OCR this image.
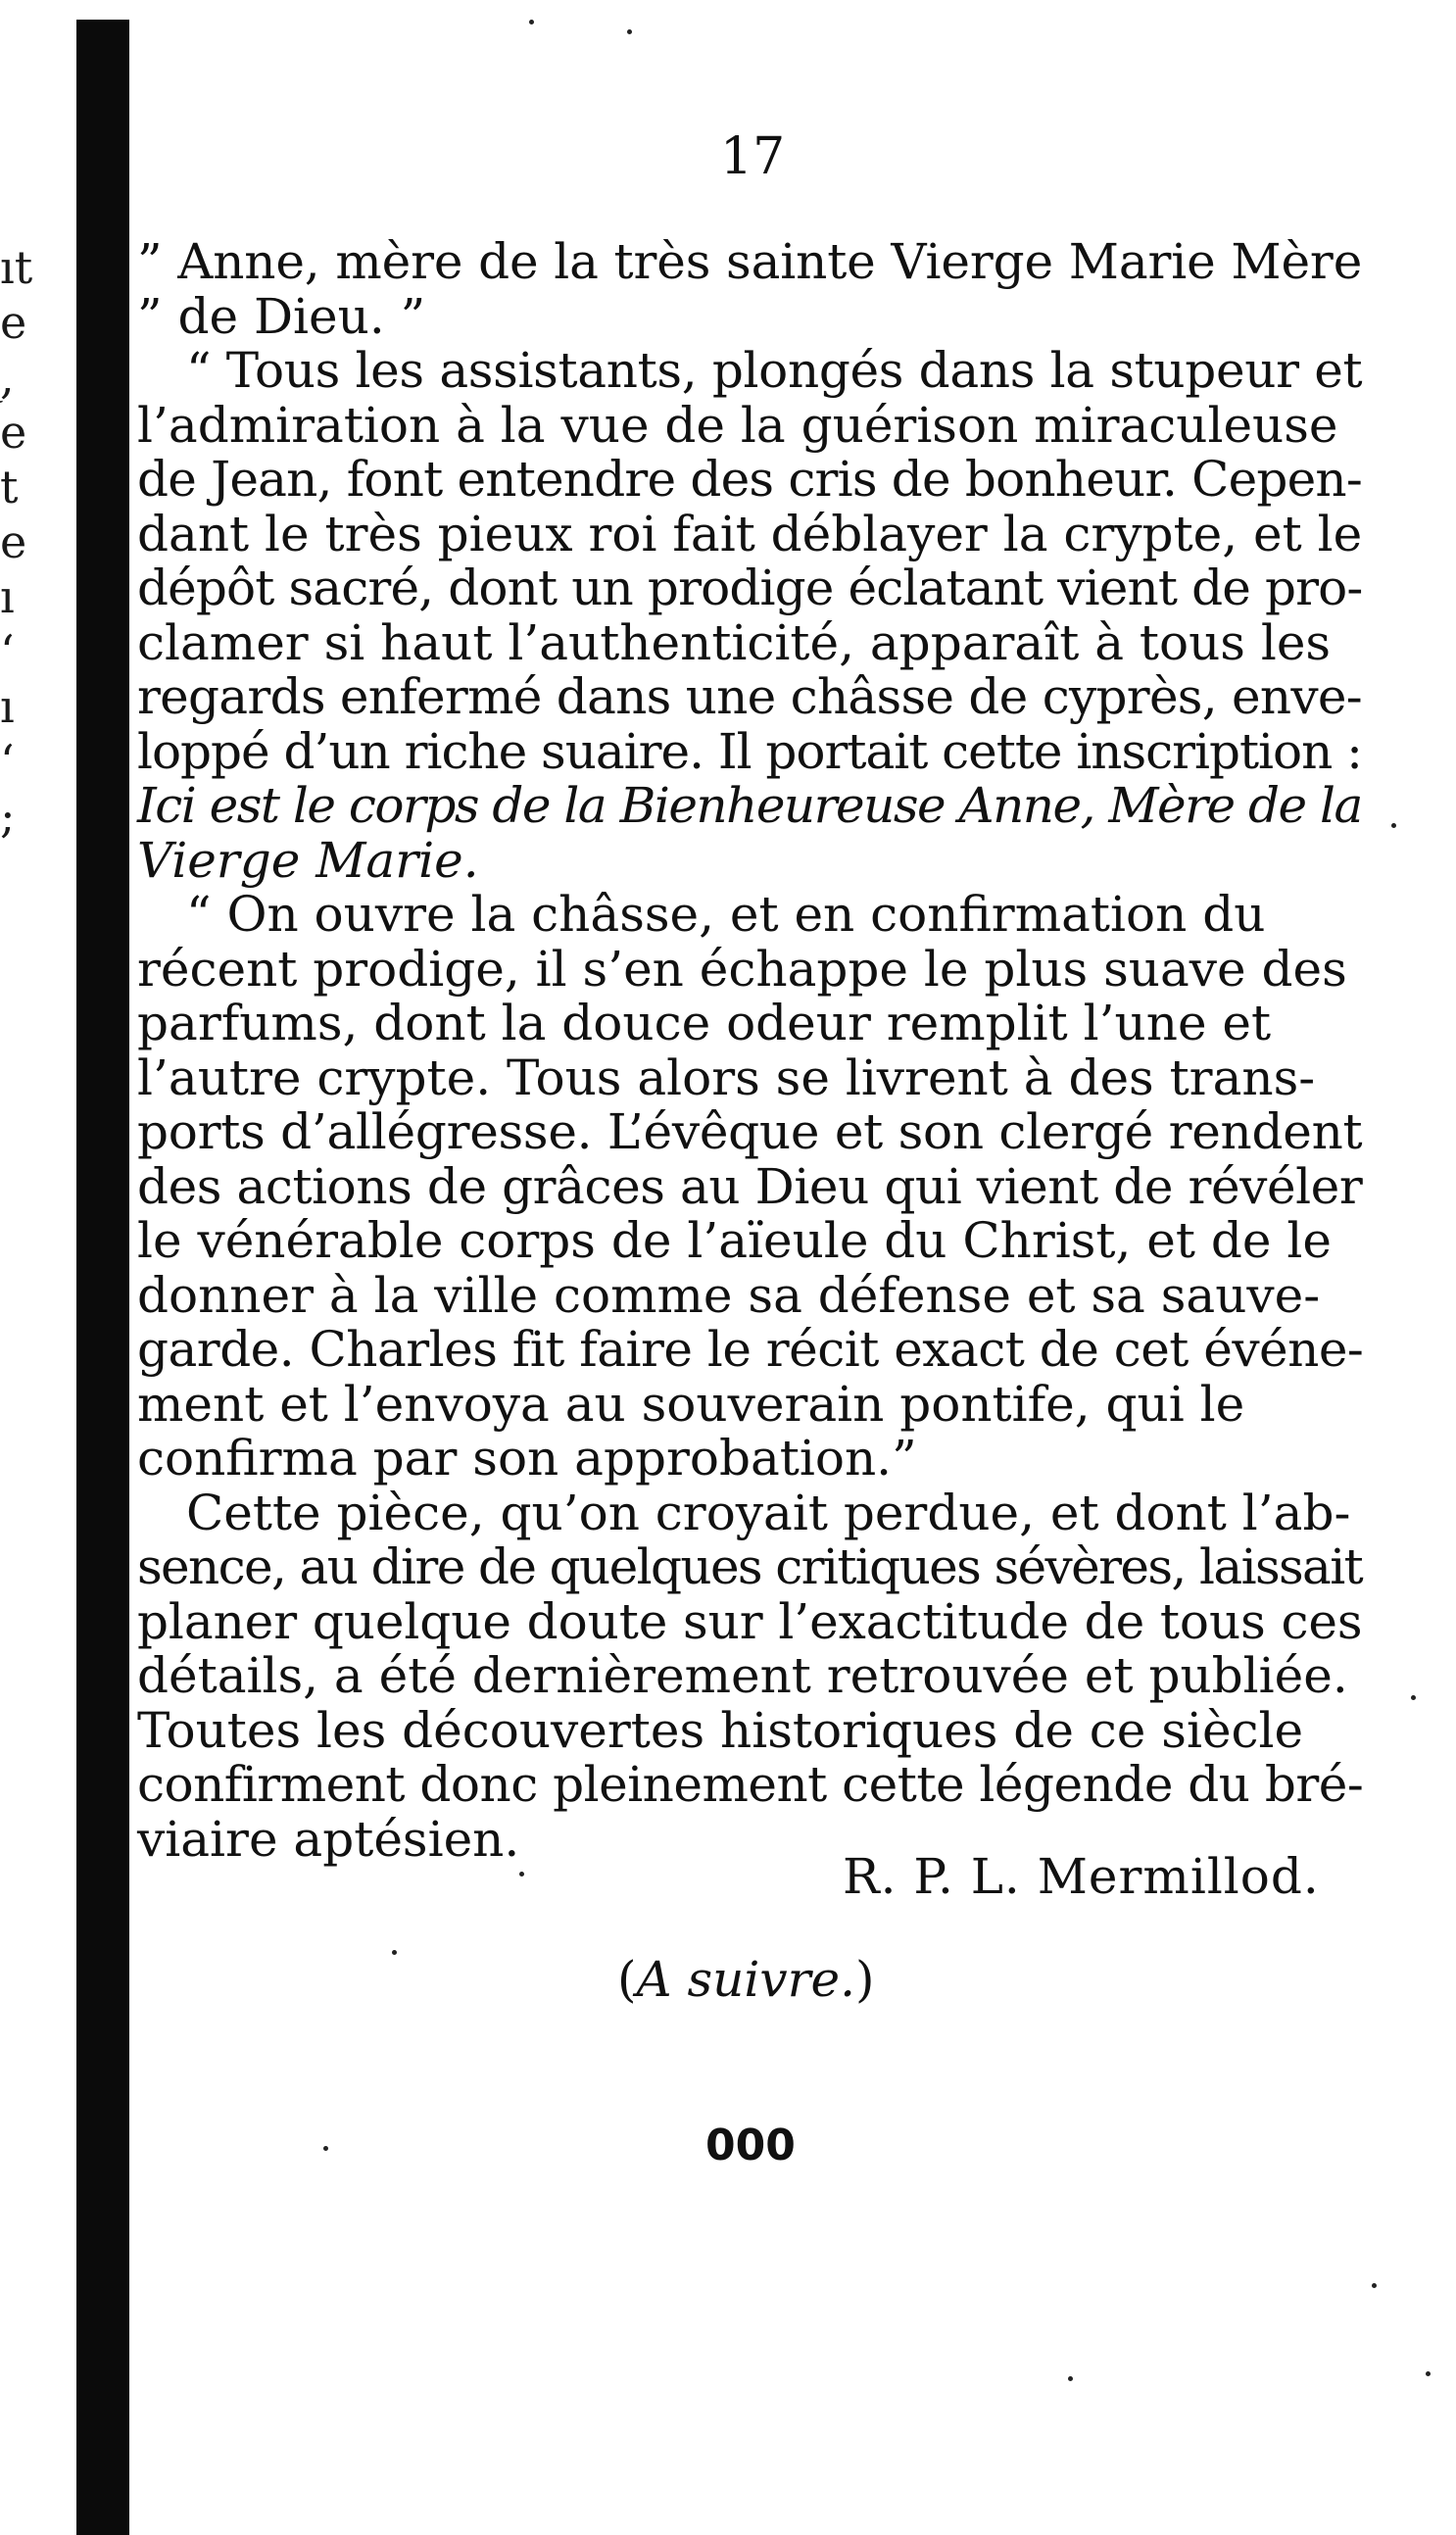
ıt
e
ͅ,
e
t
e
ı
ʻ
ı
ʻ
;
17
” Anne, mère de la très sainte Vierge Marie Mère
” de Dieu. ”
“ Tous les assistants, plongés dans la stupeur et
l’admiration à la vue de la guérison miraculeuse
de Jean, font entendre des cris de bonheur. Cepen-
dant le très pieux roi fait déblayer la crypte, et le
dépôt sacré, dont un prodige éclatant vient de pro-
clamer si haut l’authenticité, apparaît à tous les
regards enfermé dans une châsse de cyprès, enve-
loppé d’un riche suaire. Il portait cette inscription :
Ici est le corps de la Bienheureuse Anne, Mère de la
Vierge Marie.
“ On ouvre la châsse, et en confirmation du
récent prodige, il s’en échappe le plus suave des
parfums, dont la douce odeur remplit l’une et
l’autre crypte. Tous alors se livrent à des trans-
ports d’allégresse. L’évêque et son clergé rendent
des actions de grâces au Dieu qui vient de révéler
le vénérable corps de l’aïeule du Christ, et de le
donner à la ville comme sa défense et sa sauve-
garde. Charles fit faire le récit exact de cet événe-
ment et l’envoya au souverain pontife, qui le
confirma par son approbation.”
Cette pièce, qu’on croyait perdue, et dont l’ab-
sence, au dire de quelques critiques sévères, laissait
planer quelque doute sur l’exactitude de tous ces
détails, a été dernièrement retrouvée et publiée.
Toutes les découvertes historiques de ce siècle
confirment donc pleinement cette légende du bré-
viaire aptésien.
R. P. L. Mermillod.
(A suivre.)
000
